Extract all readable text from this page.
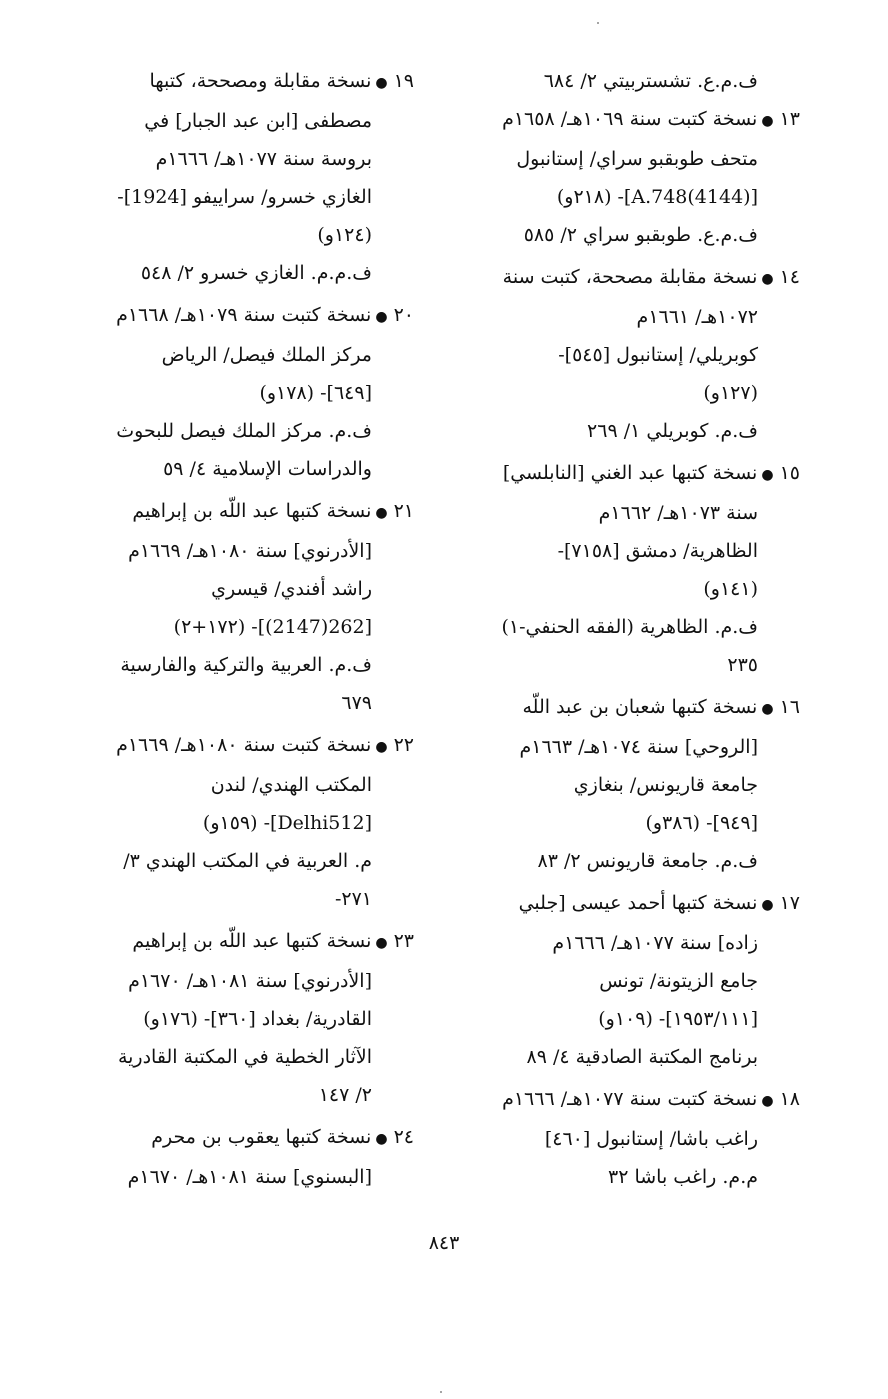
ف.م.ع. تشستربيتي ٢/ ٦٨٤
١٣●نسخة كتبت سنة ١٠٦٩هـ/ ١٦٥٨م
متحف طوبقبو سراي/ إستانبول
[A.748(4144)]- (٢١٨و)
ف.م.ع. طوبقبو سراي ٢/ ٥٨٥
١٤●نسخة مقابلة مصححة، كتبت سنة
١٠٧٢هـ/ ١٦٦١م
كوبريلي/ إستانبول [٥٤٥]-
(١٢٧و)
ف.م. كوبريلي ١/ ٢٦٩
١٥●نسخة كتبها عبد الغني [النابلسي]
سنة ١٠٧٣هـ/ ١٦٦٢م
الظاهرية/ دمشق [٧١٥٨]-
(١٤١و)
ف.م. الظاهرية (الفقه الحنفي-١)
٢٣٥
١٦●نسخة كتبها شعبان بن عبد اللّه
[الروحي] سنة ١٠٧٤هـ/ ١٦٦٣م
جامعة قاريونس/ بنغازي
[٩٤٩]- (٣٨٦و)
ف.م. جامعة قاريونس ٢/ ٨٣
١٧●نسخة كتبها أحمد عيسى [جلبي
زاده] سنة ١٠٧٧هـ/ ١٦٦٦م
جامع الزيتونة/ تونس
[١٩٥٣/١١١]- (١٠٩و)
برنامج المكتبة الصادقية ٤/ ٨٩
١٨●نسخة كتبت سنة ١٠٧٧هـ/ ١٦٦٦م
راغب باشا/ إستانبول [٤٦٠]
م.م. راغب باشا ٣٢
١٩●نسخة مقابلة ومصححة، كتبها
مصطفى [ابن عبد الجبار] في
بروسة سنة ١٠٧٧هـ/ ١٦٦٦م
الغازي خسرو/ سراييفو [1924]-
(١٢٤و)
ف.م.م. الغازي خسرو ٢/ ٥٤٨
٢٠●نسخة كتبت سنة ١٠٧٩هـ/ ١٦٦٨م
مركز الملك فيصل/ الرياض
[٦٤٩]- (١٧٨و)
ف.م. مركز الملك فيصل للبحوث
والدراسات الإسلامية ٤/ ٥٩
٢١●نسخة كتبها عبد اللّه بن إبراهيم
[الأدرنوي] سنة ١٠٨٠هـ/ ١٦٦٩م
راشد أفندي/ قيسري
[262(2147)]- (١٧٢+٢)
ف.م. العربية والتركية والفارسية
٦٧٩
٢٢●نسخة كتبت سنة ١٠٨٠هـ/ ١٦٦٩م
المكتب الهندي/ لندن
[Delhi512]- (١٥٩و)
م. العربية في المكتب الهندي ٣/
٢٧١-
٢٣●نسخة كتبها عبد اللّه بن إبراهيم
[الأدرنوي] سنة ١٠٨١هـ/ ١٦٧٠م
القادرية/ بغداد [٣٦٠]- (١٧٦و)
الآثار الخطية في المكتبة القادرية
٢/ ١٤٧
٢٤●نسخة كتبها يعقوب بن محرم
[البسنوي] سنة ١٠٨١هـ/ ١٦٧٠م
٨٤٣
